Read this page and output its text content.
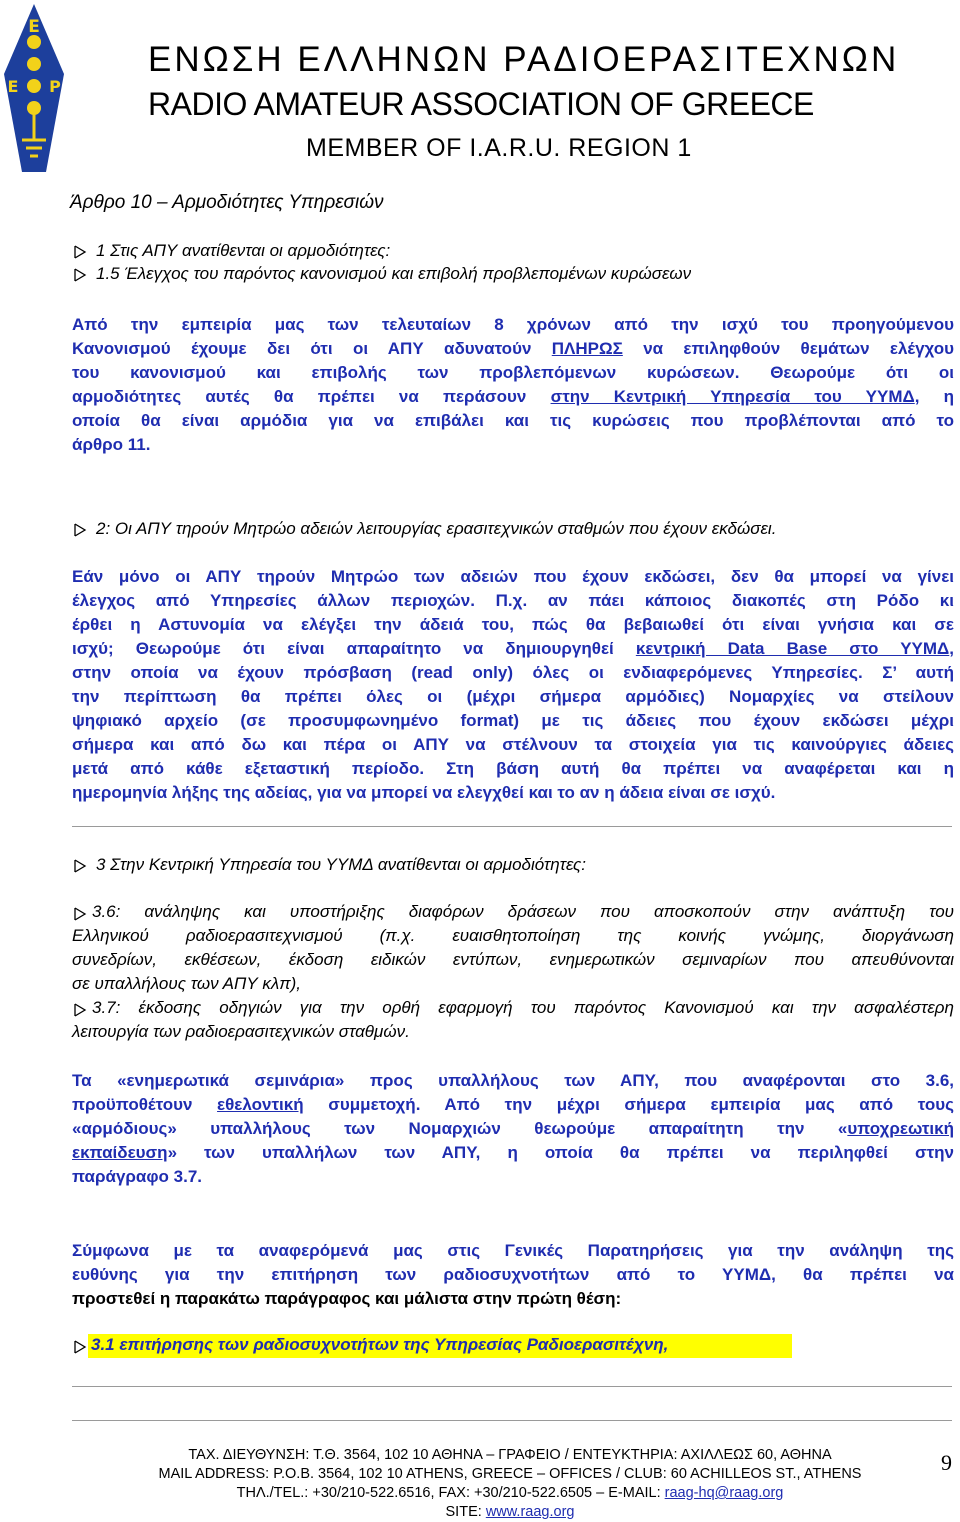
Ε
Ε Ρ
ΕΝΩΣΗ ΕΛΛΗΝΩΝ ΡΑΔΙΟΕΡΑΣΙΤΕΧΝΩΝ
RADIO AMATEUR ASSOCIATION OF GREECE
MEMBER OF I.A.R.U. REGION 1
Άρθρο 10 – Αρμοδιότητες Υπηρεσιών
1 Στις ΑΠΥ ανατίθενται οι αρμοδιότητες:
1.5 Έλεγχος του παρόντος κανονισμού και επιβολή προβλεπομένων κυρώσεων
Από την εμπειρία μας των τελευταίων 8 χρόνων από την ισχύ του προηγούμενου
Κανονισμού έχουμε δει ότι οι ΑΠΥ αδυνατούν ΠΛΗΡΩΣ να επιληφθούν θεμάτων ελέγχου
του κανονισμού και επιβολής των προβλεπόμενων κυρώσεων. Θεωρούμε ότι οι
αρμοδιότητες αυτές θα πρέπει να περάσουν στην Κεντρική Υπηρεσία του ΥΥΜΔ, η
οποία θα είναι αρμόδια για να επιβάλει και τις κυρώσεις που προβλέπονται από το
άρθρο 11.
2: Οι ΑΠΥ τηρούν Μητρώο αδειών λειτουργίας ερασιτεχνικών σταθμών που έχουν εκδώσει.
Εάν μόνο οι ΑΠΥ τηρούν Μητρώο των αδειών που έχουν εκδώσει, δεν θα μπορεί να γίνει
έλεγχος από Υπηρεσίες άλλων περιοχών. Π.χ. αν πάει κάποιος διακοπές στη Ρόδο κι
έρθει η Αστυνομία να ελέγξει την άδειά του, πώς θα βεβαιωθεί ότι είναι γνήσια και σε
ισχύ; Θεωρούμε ότι είναι απαραίτητο να δημιουργηθεί κεντρική Data Base στο ΥΥΜΔ,
στην οποία να έχουν πρόσβαση (read only) όλες οι ενδιαφερόμενες Υπηρεσίες. Σ’ αυτή
την περίπτωση θα πρέπει όλες οι (μέχρι σήμερα αρμόδιες) Νομαρχίες να στείλουν
ψηφιακό αρχείο (σε προσυμφωνημένο format) με τις άδειες που έχουν εκδώσει μέχρι
σήμερα και από δω και πέρα οι ΑΠΥ να στέλνουν τα στοιχεία για τις καινούργιες άδειες
μετά από κάθε εξεταστική περίοδο. Στη βάση αυτή θα πρέπει να αναφέρεται και η
ημερομηνία λήξης της αδείας, για να μπορεί να ελεγχθεί και το αν η άδεια είναι σε ισχύ.
3 Στην Κεντρική Υπηρεσία του ΥΥΜΔ ανατίθενται οι αρμοδιότητες:
3.6: ανάληψης και υποστήριξης διαφόρων δράσεων που αποσκοπούν στην ανάπτυξη του
Ελληνικού ραδιοερασιτεχνισμού (π.χ. ευαισθητοποίηση της κοινής γνώμης, διοργάνωση
συνεδρίων, εκθέσεων, έκδοση ειδικών εντύπων, ενημερωτικών σεμιναρίων που απευθύνονται
σε υπαλλήλους των ΑΠΥ κλπ),
3.7: έκδοσης οδηγιών για την ορθή εφαρμογή του παρόντος Κανονισμού και την ασφαλέστερη
λειτουργία των ραδιοερασιτεχνικών σταθμών.
Τα «ενημερωτικά σεμινάρια» προς υπαλλήλους των ΑΠΥ, που αναφέρονται στο 3.6,
προϋποθέτουν εθελοντική συμμετοχή. Από την μέχρι σήμερα εμπειρία μας από τους
«αρμόδιους» υπαλλήλους των Νομαρχιών θεωρούμε απαραίτητη την «υποχρεωτική
εκπαίδευση» των υπαλλήλων των ΑΠΥ, η οποία θα πρέπει να περιληφθεί στην
παράγραφο 3.7.
Σύμφωνα με τα αναφερόμενά μας στις Γενικές Παρατηρήσεις για την ανάληψη της
ευθύνης για την επιτήρηση των ραδιοσυχνοτήτων από το ΥΥΜΔ, θα πρέπει να
προστεθεί η παρακάτω παράγραφος και μάλιστα στην πρώτη θέση:
3.1 επιτήρησης των ραδιοσυχνοτήτων της Υπηρεσίας Ραδιοερασιτέχνη,
ΤΑΧ. ΔΙΕΥΘΥΝΣΗ: Τ.Θ. 3564, 102 10 ΑΘΗΝΑ – ΓΡΑΦΕΙΟ / ΕΝΤΕΥΚΤΗΡΙΑ: ΑΧΙΛΛΕΩΣ 60, ΑΘΗΝΑ
MAIL ADDRESS: P.O.B. 3564, 102 10 ATHENS, GREECE – OFFICES / CLUB: 60 ACHILLEOS ST., ATHENS
ΤΗΛ./TEL.: +30/210-522.6516, FAX: +30/210-522.6505 – E-MAIL: raag-hq@raag.org
SITE: www.raag.org
9
